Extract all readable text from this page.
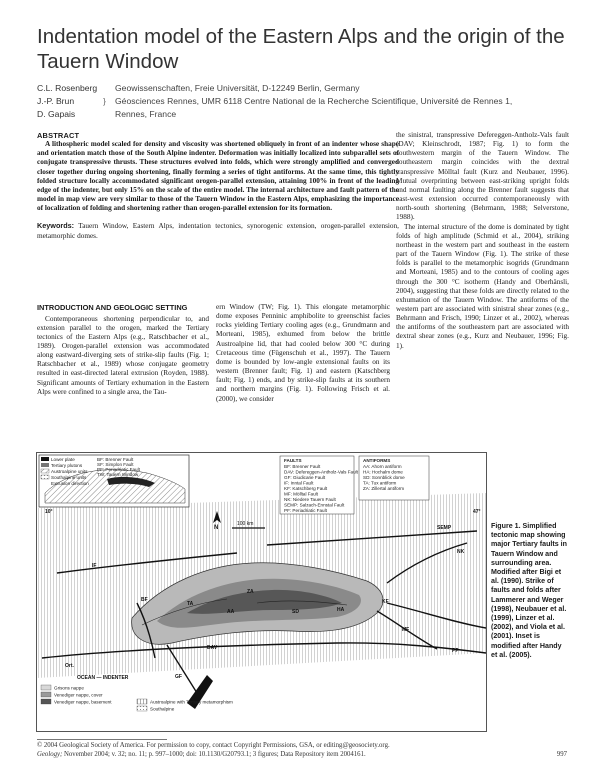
Indentation model of the Eastern Alps and the origin of the Tauern Window
C.L. Rosenberg	Geowissenschaften, Freie Universität, D-12249 Berlin, Germany
J.-P. Brun	}	Géosciences Rennes, UMR 6118 Centre National de la Recherche Scientifique, Université de Rennes 1,
D. Gapais	Rennes, France

ABSTRACT

A lithospheric model scaled for density and viscosity was shortened obliquely in front of an indenter whose shape and orientation match those of the South Alpine indenter. Deformation was initially localized into subparallel sets of conjugate transpressive thrusts. These structures evolved into folds, which were strongly amplified and converged closer together during ongoing shortening, finally forming a series of tight antiforms. At the same time, this tightly folded structure locally accommodated significant orogen-parallel extension, attaining 100% in front of the leading edge of the indenter, but only 15% on the scale of the entire model. The internal architecture and fault pattern of the model in map view are very similar to those of the Tauern Window in the Eastern Alps, emphasizing the importance of localization of folding and shortening rather than orogen-parallel extension for its formation.

Keywords: Tauern Window, Eastern Alps, indentation tectonics, synorogenic extension, orogen-parallel extension, metamorphic domes.

INTRODUCTION AND GEOLOGIC SETTING

Contemporaneous shortening perpendicular to, and extension parallel to the orogen, marked the Tertiary tectonics of the Eastern Alps (e.g., Ratschbacher et al., 1989). Orogen-parallel extension was accommodated along eastward-diverging sets of strike-slip faults (Fig. 1; Ratschbacher et al., 1989) whose conjugate geometry resulted in east-directed lateral extrusion (Royden, 1988). Significant amounts of Tertiary exhumation in the Eastern Alps were confined to a single area, the Tau-

ern Window (TW; Fig. 1). This elongate metamorphic dome exposes Penninic amphibolite to greenschist facies rocks yielding Tertiary cooling ages (e.g., Grundmann and Morteani, 1985), exhumed from below the brittle Austroalpine lid, that had cooled below 300 °C during Cretaceous time (Fügenschuh et al., 1997). The Tauern dome is bounded by low-angle extensional faults on its western (Brenner fault; Fig. 1) and eastern (Katschberg fault; Fig. 1) ends, and by strike-slip faults at its southern and northern margins (Fig. 1). Following Frisch et al. (2000), we consider

the sinistral, transpressive Defereggen-Antholz-Vals fault (DAV; Kleinschrodt, 1987; Fig. 1) to form the southwestern margin of the Tauern Window. The southeastern margin coincides with the dextral transpressive Mölltal fault (Kurz and Neubauer, 1996). Mutual overprinting between east-striking upright folds and normal faulting along the Brenner fault suggests that east-west extension occurred contemporaneously with north-south shortening (Behrmann, 1988; Selverstone, 1988).

The internal structure of the dome is dominated by tight folds of high amplitude (Schmid et al., 2004), striking northeast in the western part and southeast in the eastern part of the Tauern Window (Fig. 1). The strike of these folds is parallel to the metamorphic isogrids (Grundmann and Morteani, 1985) and to the contours of cooling ages through the 300 °C isotherm (Handy and Oberhänsli, 2004), suggesting that these folds are directly related to the exhumation of the Tauern Window. The antiforms of the western part are associated with sinistral shear zones (e.g., Behrmann and Frisch, 1990; Linzer et al., 2002), whereas the antiforms of the southeastern part are associated with dextral shear zones (e.g., Kurz and Neubauer, 1996; Fig. 1).

Lower plate
Tertiary plutons
Austroalpine units
Southalpine units
Extrusion direction
BF: Brenner Fault
SF: Simplon Fault
PF: Periadriatic Fault
TW: Tauern Window
FAULTS
BF: Brenner Fault
DAV: Defereggen-Antholz-Vals Fault
GF: Giudicarie Fault
IF: Inntal Fault
KF: Katschberg Fault
MF: Mölltal Fault
NK: Niedere Tauern Fault
SEMP: Salzach-Ennstal Fault
PF: Periadriatic Fault
ANTIFORMS
AA: Ahorn antiform
HA: Hochalm dome
SD: Sonnblick dome
TA: Tux antiform
ZA: Zillertal antiform
100 km
N
PF
IF
BF
SEMP
DAV
MF
KF
GF
TA
ZA
SD	HA
AA
NK
Ort.
OCEAN — INDENTER
10°	47°
Grisons nappe
Venediger nappe, cover
Venediger nappe, basement	Austroalpine with Tertiary metamorphism
Southalpine
Figure 1. Simplified tectonic map showing major Tertiary faults in Tauern Window and surrounding area. Modified after Bigi et al. (1990). Strike of faults and folds after Lammerer and Weger (1998), Neubauer et al. (1999), Linzer et al. (2002), and Viola et al. (2001). Inset is modified after Handy et al. (2005).
© 2004 Geological Society of America. For permission to copy, contact Copyright Permissions, GSA, or editing@geosociety.org.
Geology; November 2004; v. 32; no. 11; p. 997–1000; doi: 10.1130/G20793.1; 3 figures; Data Repository item 2004161.	997
